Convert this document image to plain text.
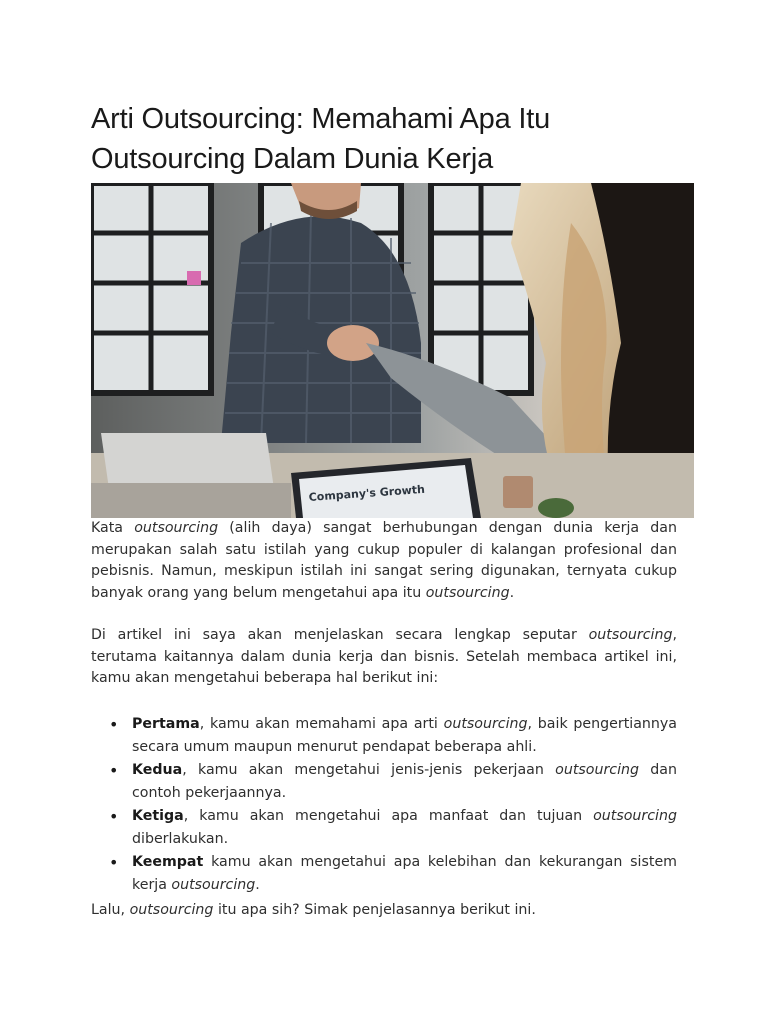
Arti Outsourcing: Memahami Apa Itu
Outsourcing Dalam Dunia Kerja
Company's Growth

Kata outsourcing (alih daya) sangat berhubungan dengan dunia kerja dan merupakan salah satu istilah yang cukup populer di kalangan profesional dan pebisnis. Namun, meskipun istilah ini sangat sering digunakan, ternyata cukup banyak orang yang belum mengetahui apa itu outsourcing.

Di artikel ini saya akan menjelaskan secara lengkap seputar outsourcing, terutama kaitannya dalam dunia kerja dan bisnis. Setelah membaca artikel ini, kamu akan mengetahui beberapa hal berikut ini:

• Pertama, kamu akan memahami apa arti outsourcing, baik pengertiannya secara umum maupun menurut pendapat beberapa ahli.
• Kedua, kamu akan mengetahui jenis-jenis pekerjaan outsourcing dan contoh pekerjaannya.
• Ketiga, kamu akan mengetahui apa manfaat dan tujuan outsourcing diberlakukan.
• Keempat kamu akan mengetahui apa kelebihan dan kekurangan sistem kerja outsourcing.

Lalu, outsourcing itu apa sih? Simak penjelasannya berikut ini.
